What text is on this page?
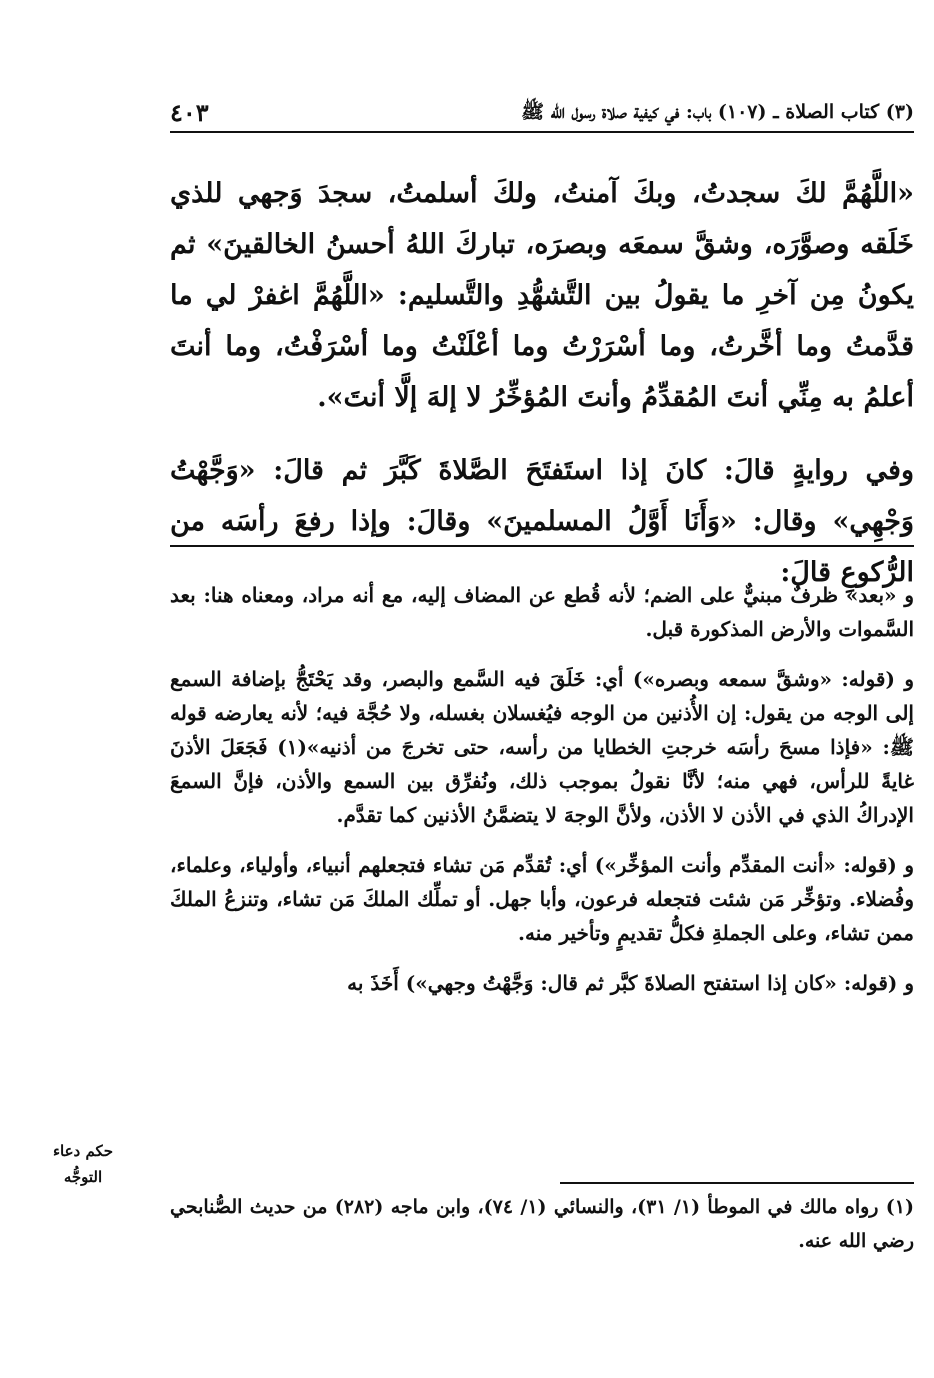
(٣) كتاب الصلاة ـ (١٠٧) باب: في كيفية صلاة رسول الله ﷺ
٤٠٣

«اللَّهُمَّ لكَ سجدتُ، وبكَ آمنتُ، ولكَ أسلمتُ، سجدَ وَجهي للذي خَلَقه وصوَّرَه، وشقَّ سمعَه وبصرَه، تباركَ اللهُ أحسنُ الخالقينَ» ثم يكونُ مِن آخرِ ما يقولُ بين التَّشهُّدِ والتَّسليم: «اللَّهُمَّ اغفرْ لي ما قدَّمتُ وما أخَّرتُ، وما أسْرَرْتُ وما أعْلَنْتُ وما أسْرَفْتُ، وما أنتَ أعلمُ به مِنِّي أنتَ المُقدِّمُ وأنتَ المُؤخِّرُ لا إلهَ إلَّا أنتَ».

وفي روايةٍ قالَ: كانَ إذا استَفتَحَ الصَّلاةَ كَبَّرَ ثم قالَ: «وَجَّهْتُ وَجْهِي» وقال: «وَأَنَا أَوَّلُ المسلمينَ» وقالَ: وإذا رفعَ رأسَه من الرُّكوعِ قالَ:

و «بعد» ظرفٌ مبنيٌّ على الضم؛ لأنه قُطع عن المضاف إليه، مع أنه مراد، ومعناه هنا: بعد السَّموات والأرض المذكورة قبل.

و (قوله: «وشقَّ سمعه وبصره») أي: خَلَقَ فيه السَّمع والبصر، وقد يَحْتَجُّ بإضافة السمع إلى الوجه من يقول: إن الأُذنين من الوجه فيُغسلان بغسله، ولا حُجَّة فيه؛ لأنه يعارضه قوله ﷺ: «فإذا مسحَ رأسَه خرجتِ الخطايا من رأسه، حتى تخرجَ من أذنيه»(١) فَجَعَلَ الأذنَ غايةً للرأس، فهي منه؛ لأنَّا نقولُ بموجب ذلك، ونُفرِّق بين السمع والأذن، فإنَّ السمعَ الإدراكُ الذي في الأذن لا الأذن، ولأنَّ الوجهَ لا يتضمَّنُ الأذنين كما تقدَّم.

و (قوله: «أنت المقدِّم وأنت المؤخِّر») أي: تُقدِّم مَن تشاء فتجعلهم أنبياء، وأولياء، وعلماء، وفُضلاء. وتؤخِّر مَن شئت فتجعله فرعون، وأبا جهل. أو تملِّك الملكَ مَن تشاء، وتنزعُ الملكَ ممن تشاء، وعلى الجملةِ فكلُّ تقديمٍ وتأخير منه.

و (قوله: «كان إذا استفتح الصلاةَ كبَّر ثم قال: وَجَّهْتُ وجهي») أَخَذَ به

حكم دعاء
التوجُّه
(١) رواه مالك في الموطأ (١/ ٣١)، والنسائي (١/ ٧٤)، وابن ماجه (٢٨٢) من حديث الصُّنابحي رضي الله عنه.
